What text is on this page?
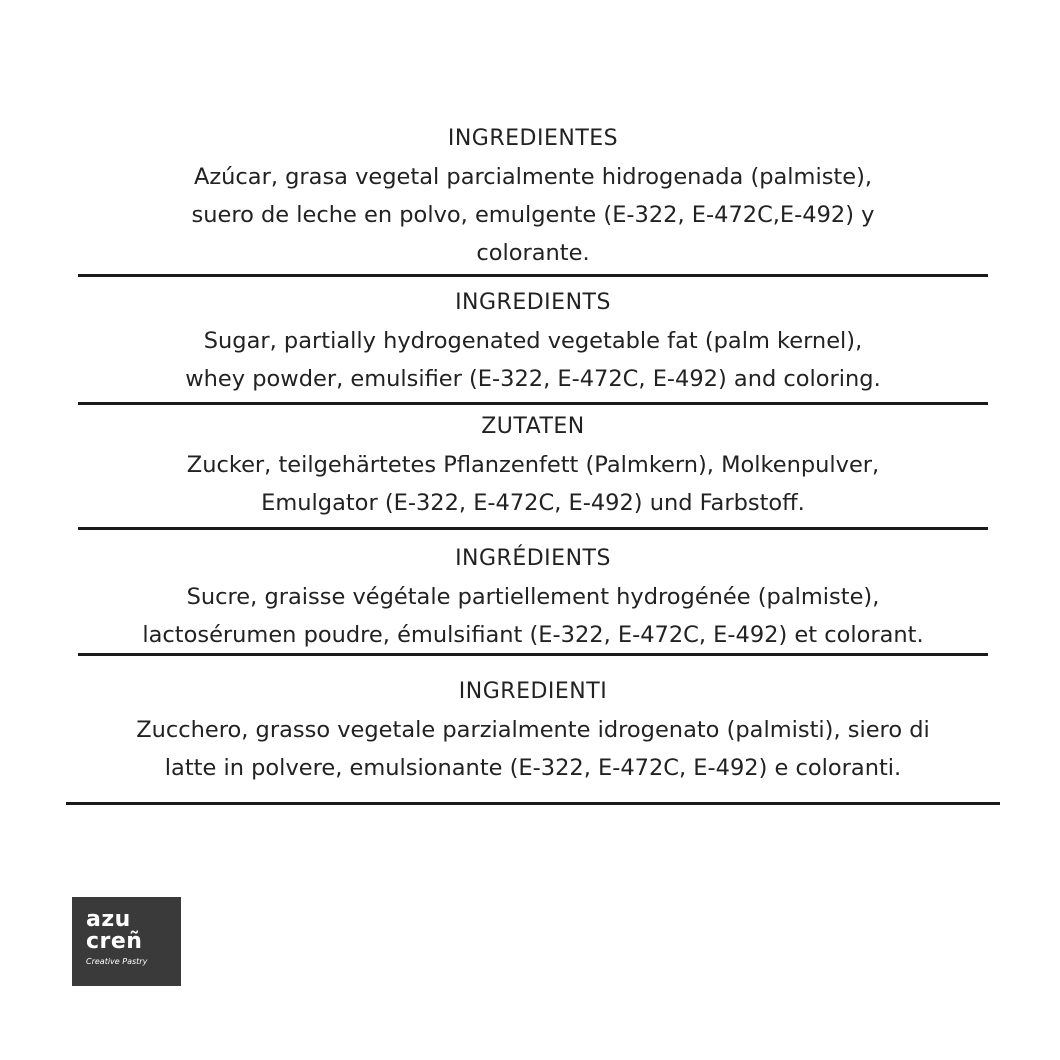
INGREDIENTES
Azúcar, grasa vegetal parcialmente hidrogenada (palmiste),
suero de leche en polvo, emulgente (E-322, E-472C,E-492) y
colorante.
INGREDIENTS
Sugar, partially hydrogenated vegetable fat (palm kernel),
whey powder, emulsifier (E-322, E-472C, E-492) and coloring.
ZUTATEN
Zucker, teilgehärtetes Pflanzenfett (Palmkern), Molkenpulver,
Emulgator (E-322, E-472C, E-492) und Farbstoff.
INGRÉDIENTS
Sucre, graisse végétale partiellement hydrogénée (palmiste),
lactosérumen poudre, émulsifiant (E-322, E-472C, E-492) et colorant.
INGREDIENTI
Zucchero, grasso vegetale parzialmente idrogenato (palmisti), siero di
latte in polvere, emulsionante (E-322, E-472C, E-492) e coloranti.
azu
creñ
Creative Pastry
